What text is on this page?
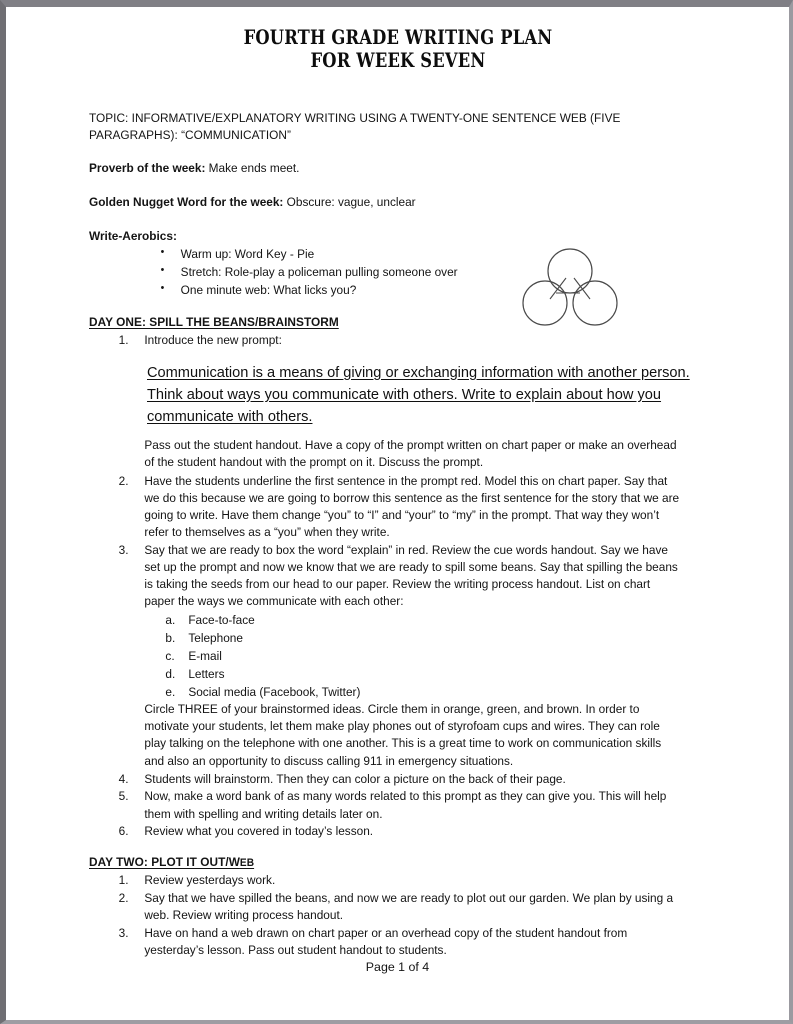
FOURTH GRADE WRITING PLAN
FOR WEEK SEVEN

TOPIC: INFORMATIVE/EXPLANATORY WRITING USING A TWENTY-ONE SENTENCE WEB (FIVE PARAGRAPHS): “COMMUNICATION”

Proverb of the week: Make ends meet.

Golden Nugget Word for the week: Obscure: vague, unclear

Write-Aerobics:

• Warm up: Word Key - Pie
• Stretch: Role-play a policeman pulling someone over
• One minute web: What licks you?
DAY ONE: SPILL THE BEANS/BRAINSTORM
Introduce the new prompt:
Communication is a means of giving or exchanging information with another person. Think about ways you communicate with others. Write to explain about how you communicate with others.

Pass out the student handout. Have a copy of the prompt written on chart paper or make an overhead of the student handout with the prompt on it. Discuss the prompt.

Have the students underline the first sentence in the prompt red. Model this on chart paper. Say that we do this because we are going to borrow this sentence as the first sentence for the story that we are going to write. Have them change “you” to “I” and “your” to “my” in the prompt. That way they won’t refer to themselves as a “you” when they write.
Say that we are ready to box the word “explain” in red. Review the cue words handout. Say we have set up the prompt and now we know that we are ready to spill some beans. Say that spilling the beans is taking the seeds from our head to our paper. Review the writing process handout. List on chart paper the ways we communicate with each other:
Face-to-face
Telephone
E-mail
Letters
Social media (Facebook, Twitter)

Circle THREE of your brainstormed ideas. Circle them in orange, green, and brown. In order to motivate your students, let them make play phones out of styrofoam cups and wires. They can role play talking on the telephone with one another. This is a great time to work on communication skills and also an opportunity to discuss calling 911 in emergency situations.

Students will brainstorm. Then they can color a picture on the back of their page.
Now, make a word bank of as many words related to this prompt as they can give you. This will help them with spelling and writing details later on.
Review what you covered in today’s lesson.
DAY TWO: PLOT IT OUT/WEB
Review yesterdays work.
Say that we have spilled the beans, and now we are ready to plot out our garden. We plan by using a web. Review writing process handout.
Have on hand a web drawn on chart paper or an overhead copy of the student handout from yesterday’s lesson. Pass out student handout to students.
Page 1 of 4
